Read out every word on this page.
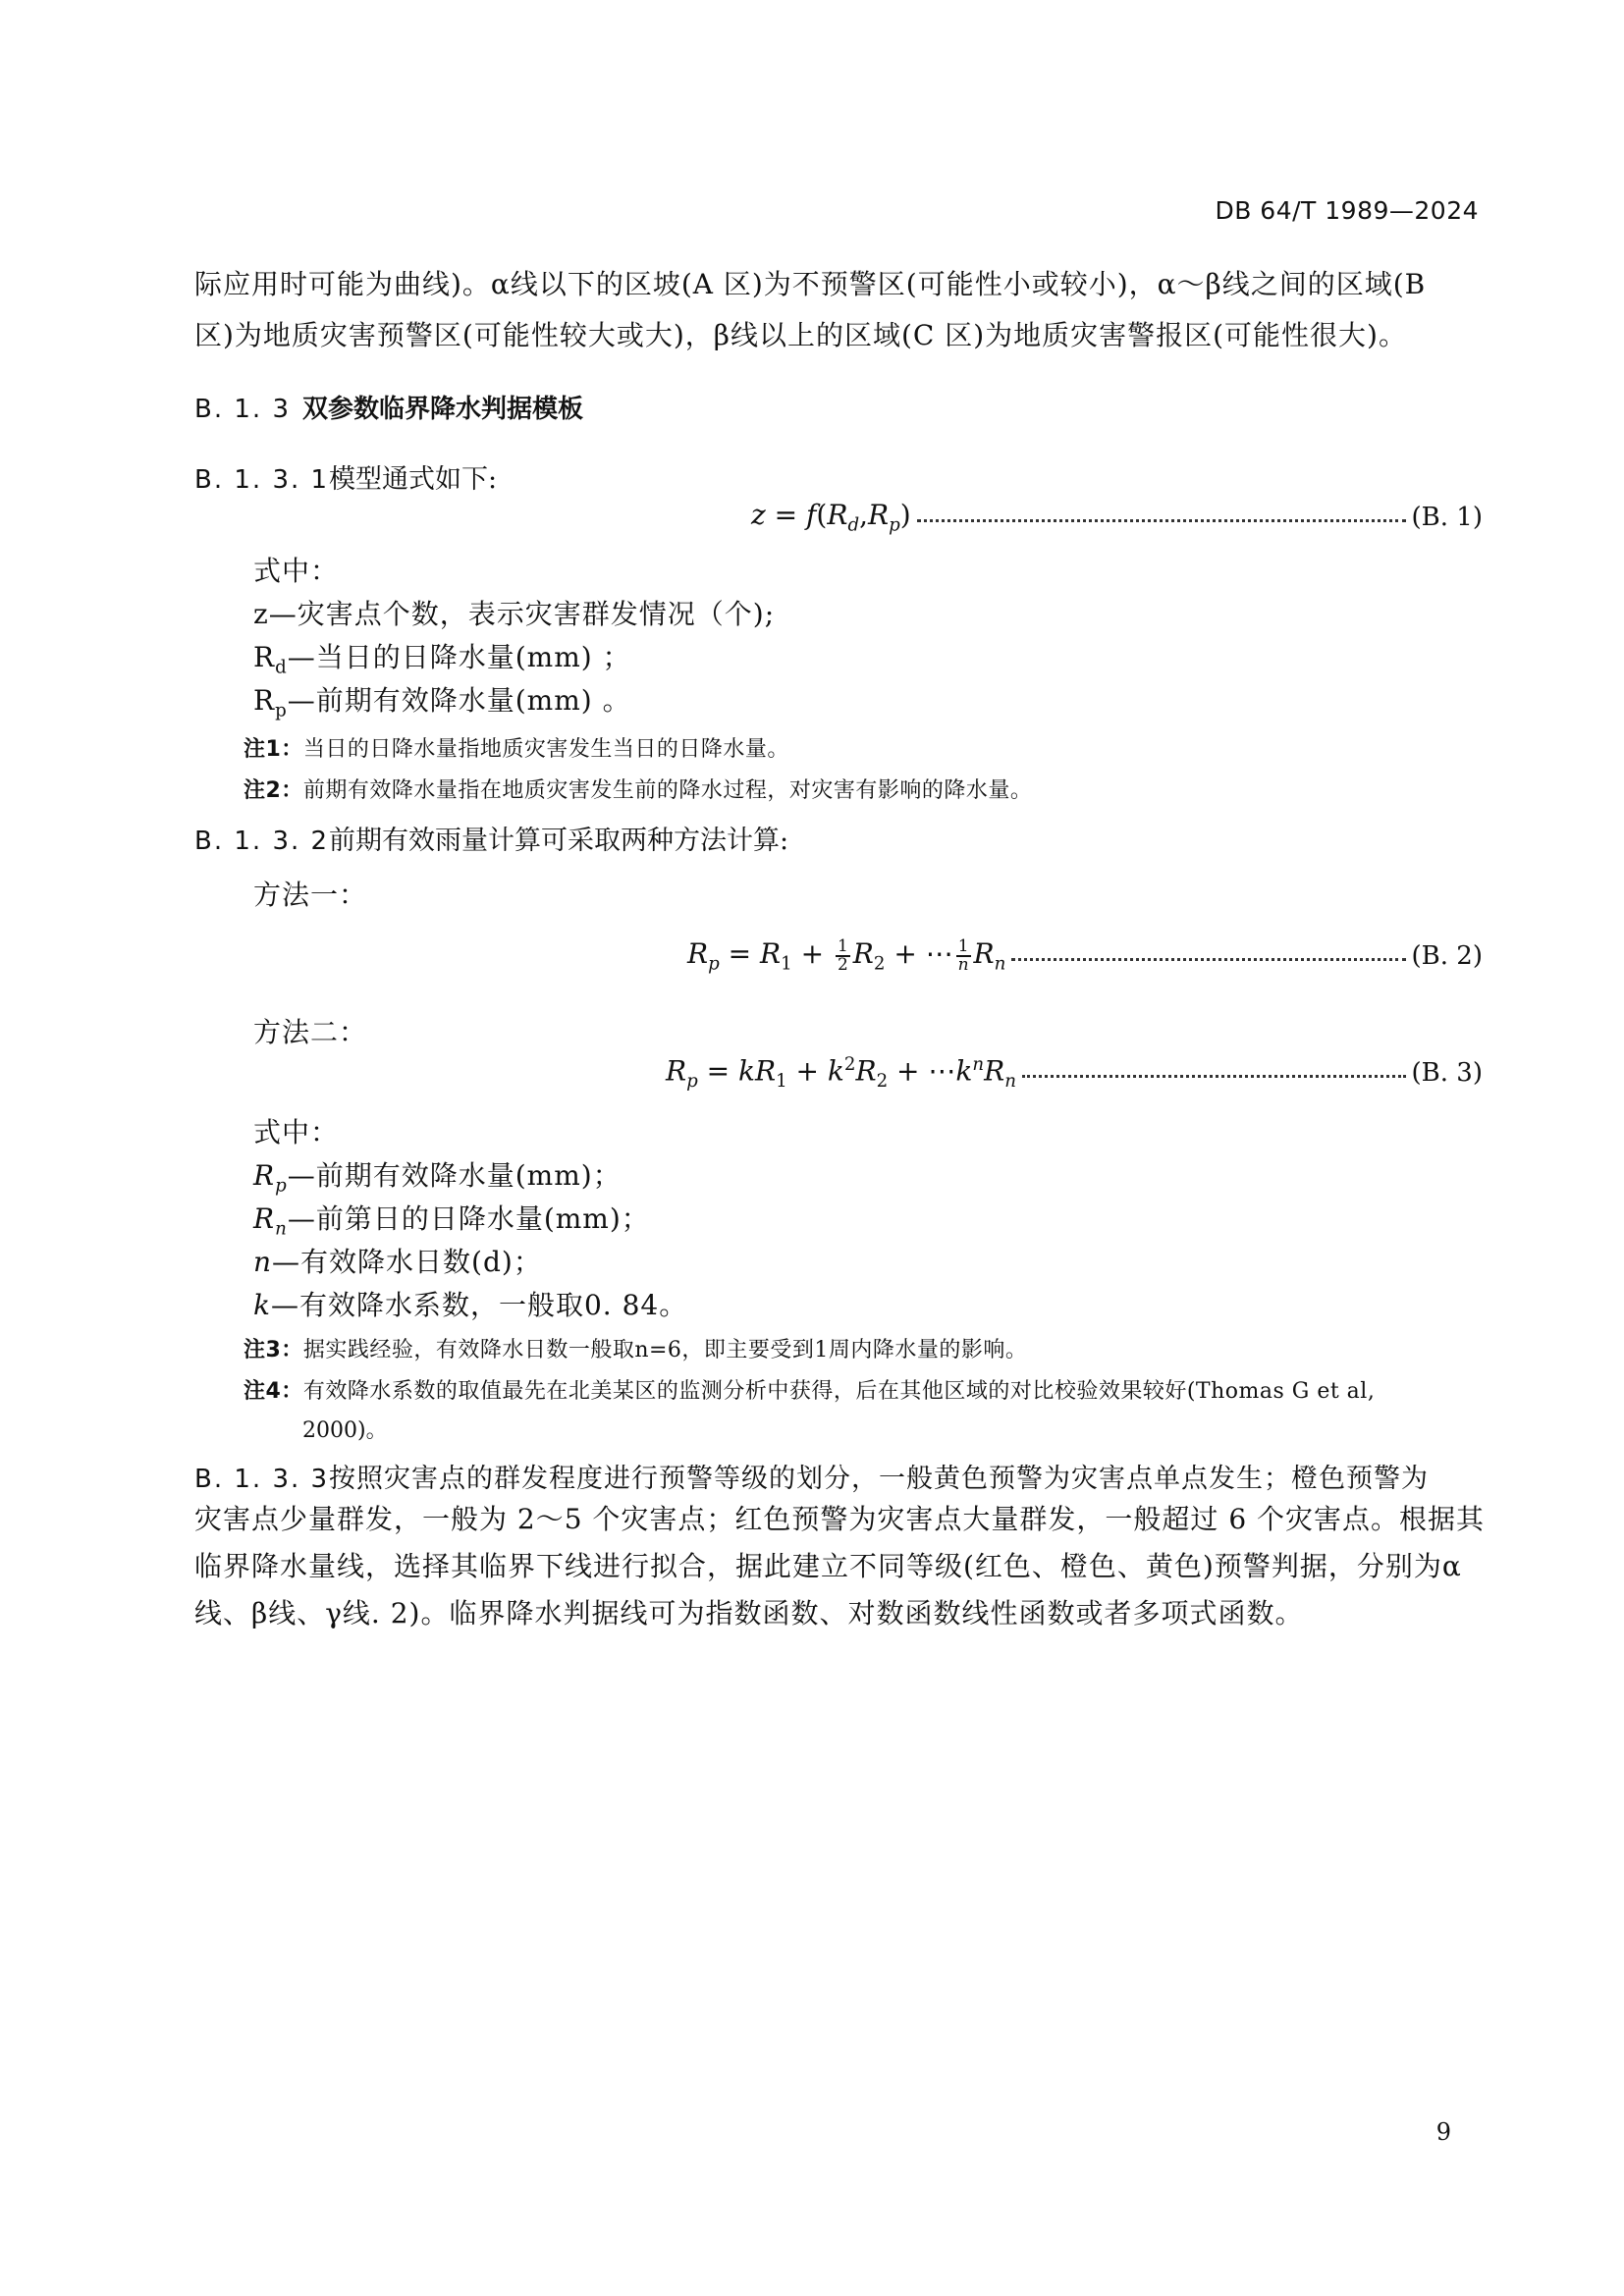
DB 64/T 1989—2024
际应用时可能为曲线)。α线以下的区坡(A 区)为不预警区(可能性小或较小)，α～β线之间的区域(B
区)为地质灾害预警区(可能性较大或大)，β线以上的区域(C 区)为地质灾害警报区(可能性很大)。
B. 1. 3 双参数临界降水判据模板
B. 1. 3. 1模型通式如下:
$z = f(R_d,R_p)$	(B. 1)
式中：
z—灾害点个数，表示灾害群发情况（个);
$R_d—$当日的日降水量(mm) ；
$R_p—$前期有效降水量(mm) 。
注1：当日的日降水量指地质灾害发生当日的日降水量。
注2：前期有效降水量指在地质灾害发生前的降水过程，对灾害有影响的降水量。
B. 1. 3. 2前期有效雨量计算可采取两种方法计算:
方法一：
$R_p = R_1 + \frac{1}{2} R_2$ + ⋯ $\frac{1}{n} R_n$	(B. 2)
方法二：
$R_p = kR_1 + k^2R_2$ + $\cdots k^nR_n$	(B. 3)
式中：
$R_p—$前期有效降水量(mm)；
$R_n—$前第日的日降水量(mm)；
n—有效降水日数(d)；
k—有效降水系数，一般取0. 84。
注3：据实践经验，有效降水日数一般取n=6，即主要受到1周内降水量的影响。
注4：有效降水系数的取值最先在北美某区的监测分析中获得，后在其他区域的对比校验效果较好(Thomas G et al,
2000)。
B. 1. 3. 3按照灾害点的群发程度进行预警等级的划分，一般黄色预警为灾害点单点发生；橙色预警为
灾害点少量群发，一般为 2～5 个灾害点；红色预警为灾害点大量群发，一般超过 6 个灾害点。根据其
临界降水量线，选择其临界下线进行拟合，据此建立不同等级(红色、橙色、黄色)预警判据，分别为α
线、β线、γ线. 2)。临界降水判据线可为指数函数、对数函数线性函数或者多项式函数。
9
